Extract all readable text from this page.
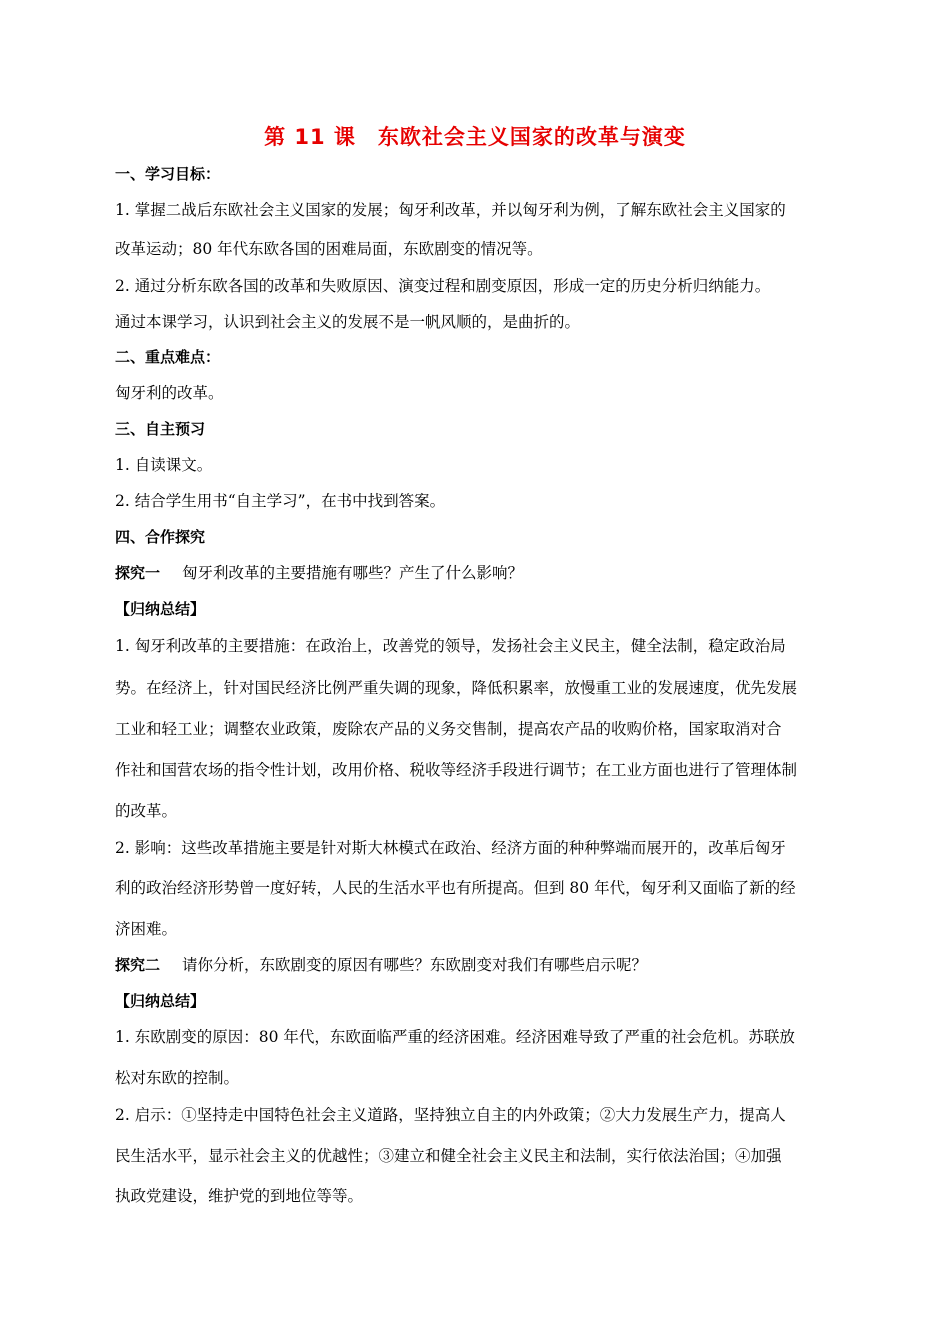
第 11 课　东欧社会主义国家的改革与演变
一、学习目标：
1. 掌握二战后东欧社会主义国家的发展；匈牙利改革，并以匈牙利为例，了解东欧社会主义国家的
改革运动；80 年代东欧各国的困难局面，东欧剧变的情况等。
2. 通过分析东欧各国的改革和失败原因、演变过程和剧变原因，形成一定的历史分析归纳能力。
通过本课学习，认识到社会主义的发展不是一帆风顺的，是曲折的。
二、重点难点：
匈牙利的改革。
三、自主预习
1. 自读课文。
2. 结合学生用书“自主学习”，在书中找到答案。
四、合作探究
探究一 匈牙利改革的主要措施有哪些？产生了什么影响？
【归纳总结】
1. 匈牙利改革的主要措施：在政治上，改善党的领导，发扬社会主义民主，健全法制，稳定政治局
势。在经济上，针对国民经济比例严重失调的现象，降低积累率，放慢重工业的发展速度，优先发展
工业和轻工业；调整农业政策，废除农产品的义务交售制，提高农产品的收购价格，国家取消对合
作社和国营农场的指令性计划，改用价格、税收等经济手段进行调节；在工业方面也进行了管理体制
的改革。
2. 影响：这些改革措施主要是针对斯大林模式在政治、经济方面的种种弊端而展开的，改革后匈牙
利的政治经济形势曾一度好转，人民的生活水平也有所提高。但到 80 年代，匈牙利又面临了新的经
济困难。
探究二 请你分析，东欧剧变的原因有哪些？东欧剧变对我们有哪些启示呢？
【归纳总结】
1. 东欧剧变的原因：80 年代，东欧面临严重的经济困难。经济困难导致了严重的社会危机。苏联放
松对东欧的控制。
2. 启示：①坚持走中国特色社会主义道路，坚持独立自主的内外政策；②大力发展生产力，提高人
民生活水平，显示社会主义的优越性；③建立和健全社会主义民主和法制，实行依法治国；④加强
执政党建设，维护党的到地位等等。
